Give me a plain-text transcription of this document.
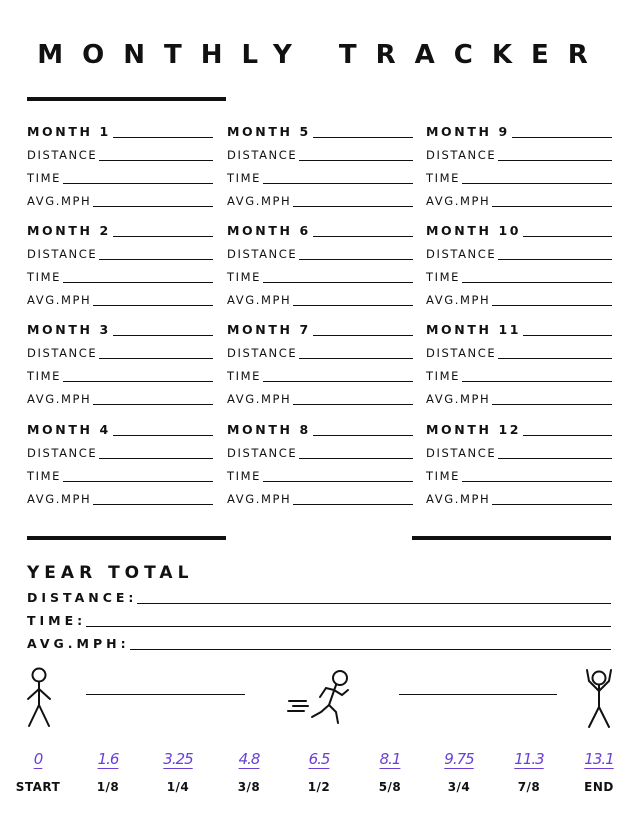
MONTHLY TRACKER
MONTH 1
DISTANCE
TIME
AVG.MPH
MONTH 2
DISTANCE
TIME
AVG.MPH
MONTH 3
DISTANCE
TIME
AVG.MPH
MONTH 4
DISTANCE
TIME
AVG.MPH
MONTH 5
DISTANCE
TIME
AVG.MPH
MONTH 6
DISTANCE
TIME
AVG.MPH
MONTH 7
DISTANCE
TIME
AVG.MPH
MONTH 8
DISTANCE
TIME
AVG.MPH
MONTH 9
DISTANCE
TIME
AVG.MPH
MONTH 10
DISTANCE
TIME
AVG.MPH
MONTH 11
DISTANCE
TIME
AVG.MPH
MONTH 12
DISTANCE
TIME
AVG.MPH
YEAR TOTAL
DISTANCE:
TIME:
AVG.MPH:
0
START
1.6
1/8
3.25
1/4
4.8
3/8
6.5
1/2
8.1
5/8
9.75
3/4
11.3
7/8
13.1
END
